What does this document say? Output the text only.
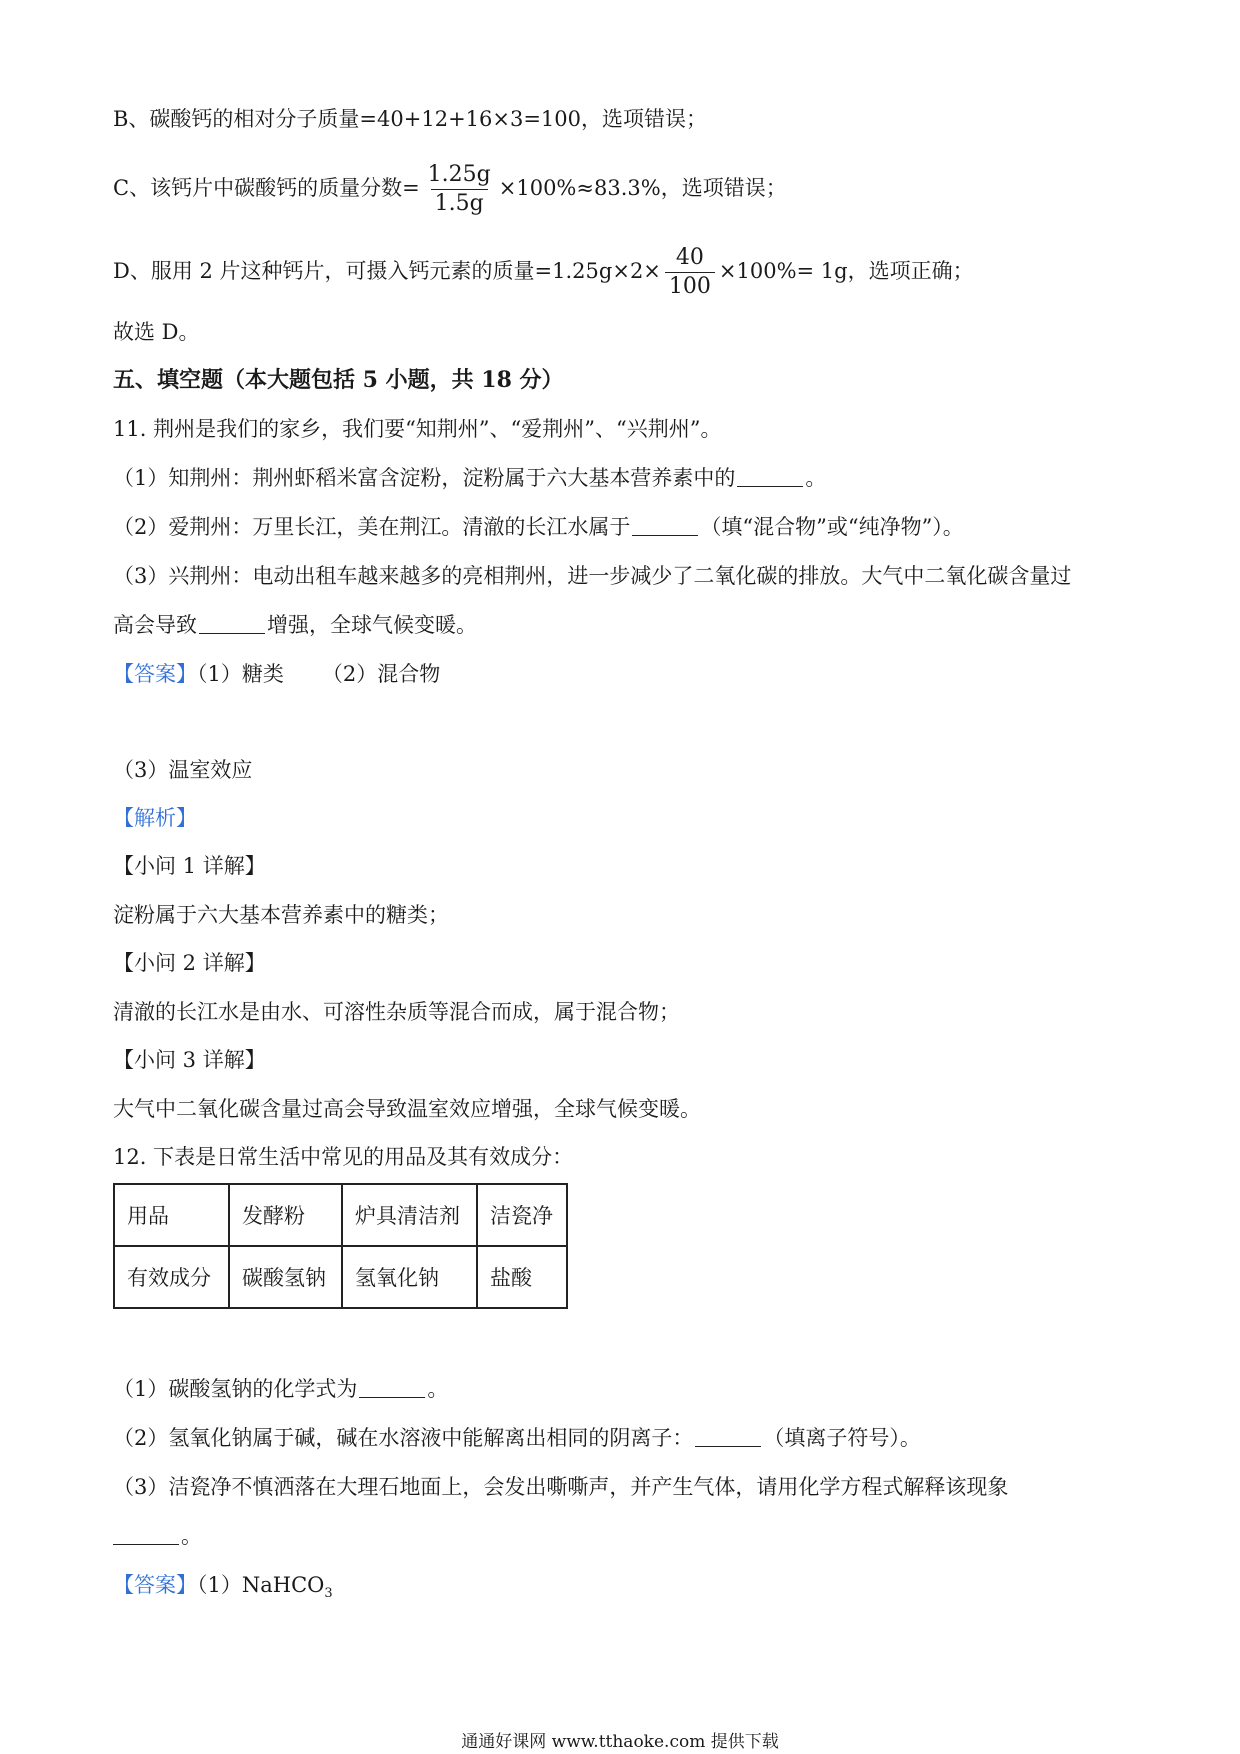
B、碳酸钙的相对分子质量=40+12+16×3=100，选项错误；
C、该钙片中碳酸钙的质量分数= $\frac{1.25g}{1.5g} \times 100\%\approx 83.3\%$，选项错误；
D、服用 2 片这种钙片，可摄入钙元素的质量$=1.25g\times 2\times \frac{40}{100} \times 100\%= 1g$，选项正确；
故选 D。
五、填空题（本大题包括 5 小题，共 18 分）
11. 荆州是我们的家乡，我们要“知荆州”、“爱荆州”、“兴荆州”。
（1）知荆州：荆州虾稻米富含淀粉，淀粉属于六大基本营养素中的	。
（2）爱荆州：万里长江，美在荆江。清澈的长江水属于	（填“混合物”或“纯净物”）。
（3）兴荆州：电动出租车越来越多的亮相荆州，进一步减少了二氧化碳的排放。大气中二氧化碳含量过
高会导致	增强，全球气候变暖。
【答案】（1）糖类 （2）混合物
（3）温室效应
【解析】
【小问 1 详解】
淀粉属于六大基本营养素中的糖类；
【小问 2 详解】
清澈的长江水是由水、可溶性杂质等混合而成，属于混合物；
【小问 3 详解】
大气中二氧化碳含量过高会导致温室效应增强，全球气候变暖。
12. 下表是日常生活中常见的用品及其有效成分：
用品	发酵粉	炉具清洁剂	洁瓷净
有效成分	碳酸氢钠	氢氧化钠	盐酸
（1）碳酸氢钠的化学式为	。
（2）氢氧化钠属于碱，碱在水溶液中能解离出相同的阴离子：	（填离子符号）。
（3）洁瓷净不慎洒落在大理石地面上，会发出嘶嘶声，并产生气体，请用化学方程式解释该现象
。
【答案】（1）NaHCO$_3$
通通好课网 www.tthaoke.com 提供下载
